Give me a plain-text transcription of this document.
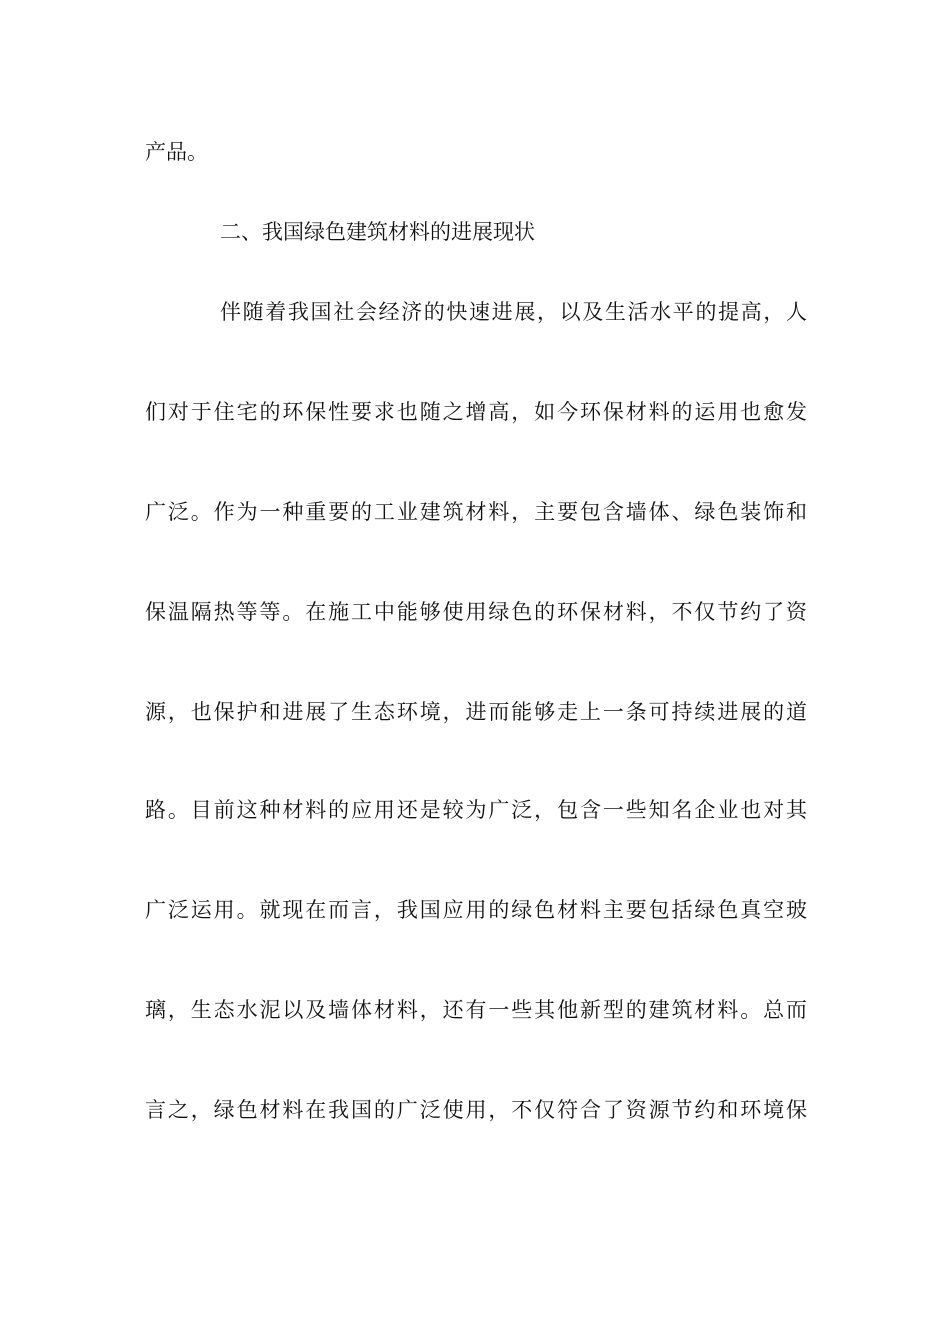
产品。
二、我国绿色建筑材料的进展现状
伴随着我国社会经济的快速进展，以及生活水平的提高，人
们对于住宅的环保性要求也随之增高，如今环保材料的运用也愈发
广泛。作为一种重要的工业建筑材料，主要包含墙体、绿色装饰和
保温隔热等等。在施工中能够使用绿色的环保材料，不仅节约了资
源，也保护和进展了生态环境，进而能够走上一条可持续进展的道
路。目前这种材料的应用还是较为广泛，包含一些知名企业也对其
广泛运用。就现在而言，我国应用的绿色材料主要包括绿色真空玻
璃，生态水泥以及墙体材料，还有一些其他新型的建筑材料。总而
言之，绿色材料在我国的广泛使用，不仅符合了资源节约和环境保
